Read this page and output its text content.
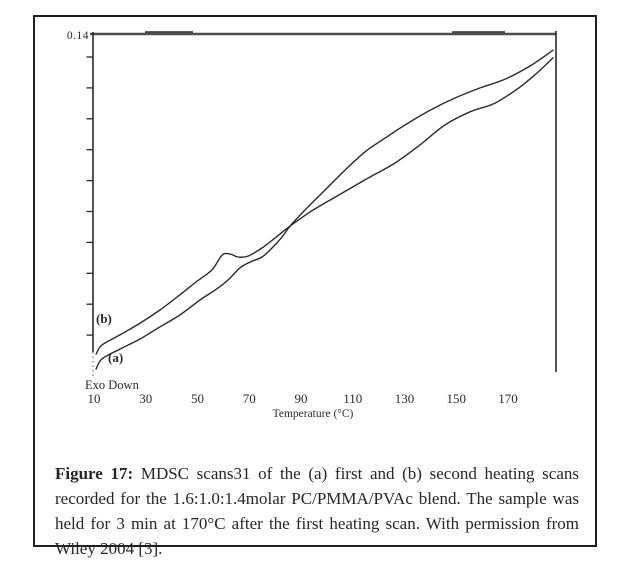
0.14
(b)
(a)
Exo Down
10	30	50	70	90	110 130 150 170
Temperature (°C)

Figure 17: MDSC scans31 of the (a) first and (b) second heating scans recorded for the 1.6:1.0:1.4molar PC/PMMA/PVAc blend. The sample was held for 3 min at 170°C after the first heating scan. With permission from Wiley 2004 [3].
